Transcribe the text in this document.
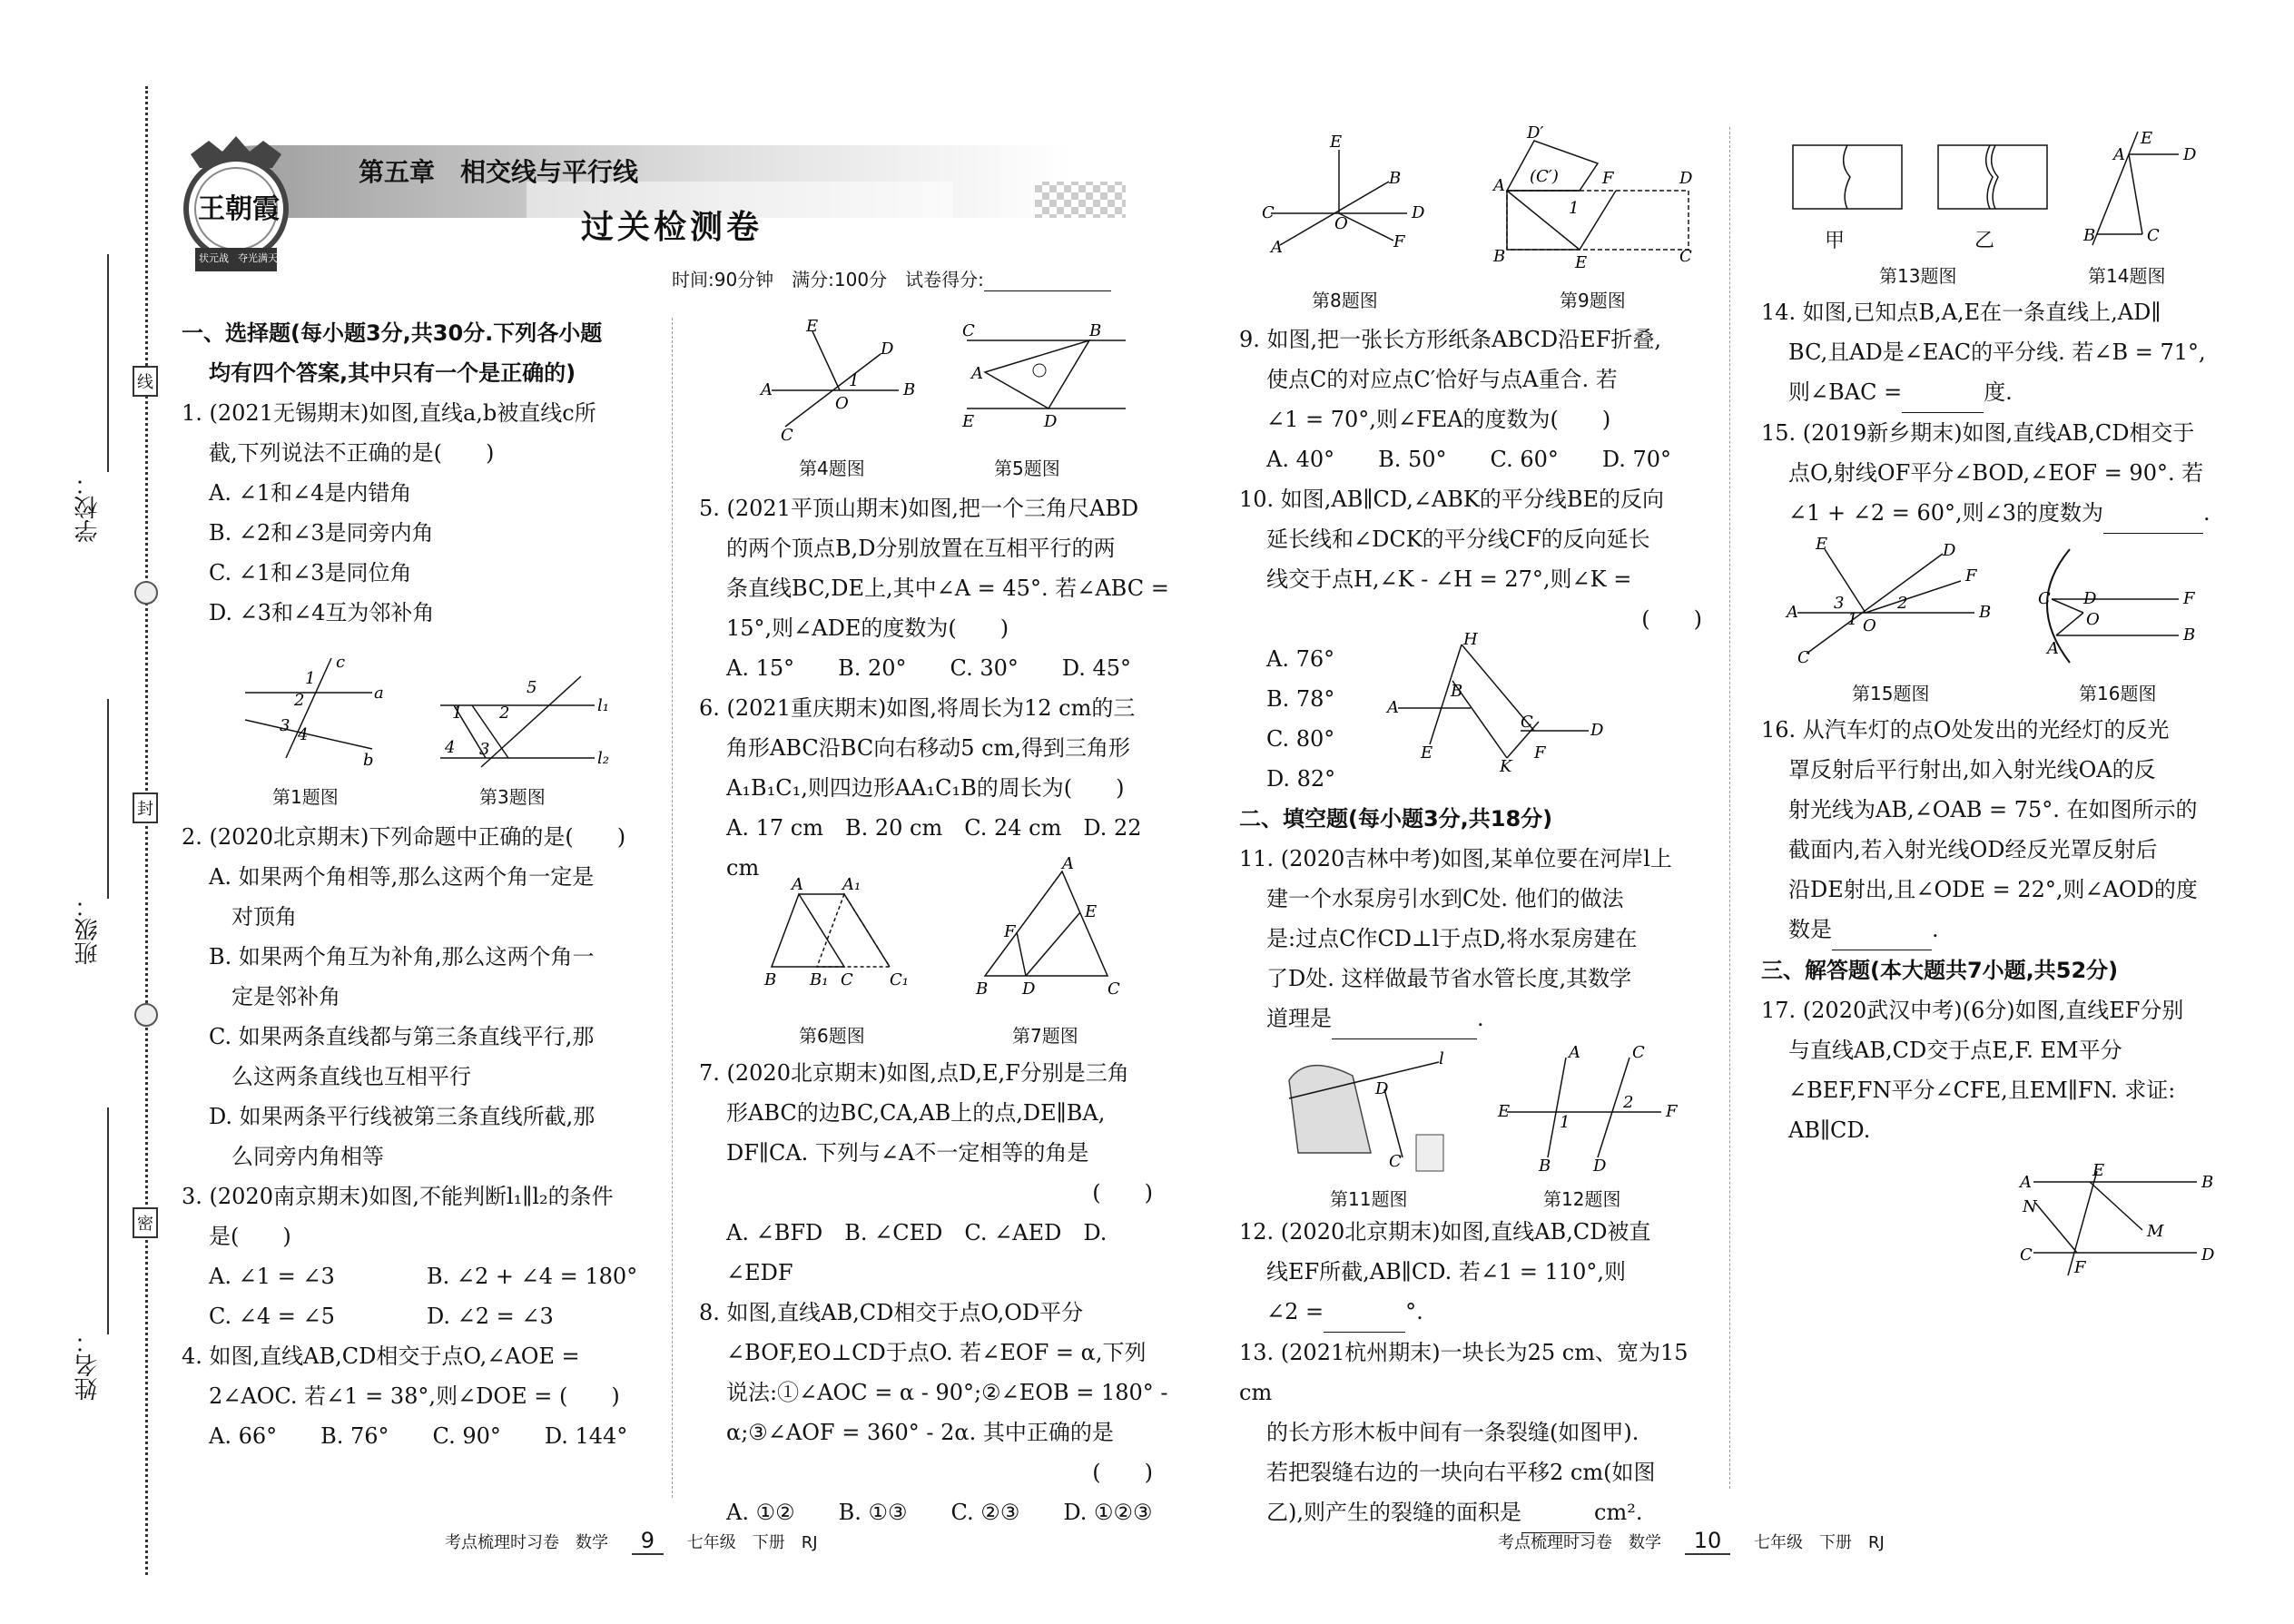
学校：
班级：
姓名：
线
封
密
王朝霞
状元战 夺光满天
第五章　相交线与平行线
过关检测卷
时间:90分钟　满分:100分　试卷得分:
一、选择题(每小题3分,共30分.下列各小题
均有四个答案,其中只有一个是正确的)
1. (2021无锡期末)如图,直线a,b被直线c所
截,下列说法不正确的是(　　)
A. ∠1和∠4是内错角
B. ∠2和∠3是同旁内角
C. ∠1和∠3是同位角
D. ∠3和∠4互为邻补角
c
a
b
1
2
3 4
l₁
l₂
1 2
5
4 3
第1题图	第3题图
2. (2020北京期末)下列命题中正确的是(　　)
A. 如果两个角相等,那么这两个角一定是
对顶角
B. 如果两个角互为补角,那么这两个角一
定是邻补角
C. 如果两条直线都与第三条直线平行,那
么这两条直线也互相平行
D. 如果两条平行线被第三条直线所截,那
么同旁内角相等
3. (2020南京期末)如图,不能判断l₁∥l₂的条件
是(　　)
A. ∠1 = ∠3	B. ∠2 + ∠4 = 180°
C. ∠4 = ∠5	D. ∠2 = ∠3
4. 如图,直线AB,CD相交于点O,∠AOE =
2∠AOC. 若∠1 = 38°,则∠DOE = (　　)
A. 66°　　B. 76°　　C. 90°　　D. 144°
E
D
A	B
C
O
1
C	B
A
E	D
第4题图	第5题图
5. (2021平顶山期末)如图,把一个三角尺ABD
的两个顶点B,D分别放置在互相平行的两
条直线BC,DE上,其中∠A = 45°. 若∠ABC =
15°,则∠ADE的度数为(　　)
A. 15°　　B. 20°　　C. 30°　　D. 45°
6. (2021重庆期末)如图,将周长为12 cm的三
角形ABC沿BC向右移动5 cm,得到三角形
A₁B₁C₁,则四边形AA₁C₁B的周长为(　　)
A. 17 cm　B. 20 cm　C. 24 cm　D. 22 cm
A A₁
B B₁ C C₁
A
E
F
B D	C
第6题图	第7题图
7. (2020北京期末)如图,点D,E,F分别是三角
形ABC的边BC,CA,AB上的点,DE∥BA,
DF∥CA. 下列与∠A不一定相等的角是
(　　)
A. ∠BFD　B. ∠CED　C. ∠AED　D. ∠EDF
8. 如图,直线AB,CD相交于点O,OD平分
∠BOF,EO⊥CD于点O. 若∠EOF = α,下列
说法:①∠AOC = α - 90°;②∠EOB = 180° -
α;③∠AOF = 360° - 2α. 其中正确的是
(　　)
A. ①②　　B. ①③　　C. ②③　　D. ①②③
E
B
D
C
F
A
O
D′
A (C′)	F	D
B	E	C
1
第8题图	第9题图
9. 如图,把一张长方形纸条ABCD沿EF折叠,
使点C的对应点C′恰好与点A重合. 若
∠1 = 70°,则∠FEA的度数为(　　)
A. 40°　　B. 50°　　C. 60°　　D. 70°
10. 如图,AB∥CD,∠ABK的平分线BE的反向
延长线和∠DCK的平分线CF的反向延长
线交于点H,∠K - ∠H = 27°,则∠K =
(　　)
A. 76°
B. 78°
C. 80°
D. 82°
二、填空题(每小题3分,共18分)
11. (2020吉林中考)如图,某单位要在河岸l上
建一个水泵房引水到C处. 他们的做法
是:过点C作CD⊥l于点D,将水泵房建在
了D处. 这样做最节省水管长度,其数学
道理是	.
H
A
B
E
C	D
K
F
l
D
C
E	F
A	C
B	D
1
2
第11题图	第12题图
12. (2020北京期末)如图,直线AB,CD被直
线EF所截,AB∥CD. 若∠1 = 110°,则
∠2 =	°.
13. (2021杭州期末)一块长为25 cm、宽为15 cm
的长方形木板中间有一条裂缝(如图甲).
若把裂缝右边的一块向右平移2 cm(如图
乙),则产生的裂缝的面积是	cm².
E
A	D
B	C
甲	乙
第13题图	第14题图
14. 如图,已知点B,A,E在一条直线上,AD∥
BC,且AD是∠EAC的平分线. 若∠B = 71°,
则∠BAC =	度.
15. (2019新乡期末)如图,直线AB,CD相交于
点O,射线OF平分∠BOD,∠EOF = 90°. 若
∠1 + ∠2 = 60°,则∠3的度数为	.
E	D
F
A	B
C
O
3
1
2	C D
O
A
F
B
第15题图	第16题图
16. 从汽车灯的点O处发出的光经灯的反光
罩反射后平行射出,如入射光线OA的反
射光线为AB,∠OAB = 75°. 在如图所示的
截面内,若入射光线OD经反光罩反射后
沿DE射出,且∠ODE = 22°,则∠AOD的度
数是	.
三、解答题(本大题共7小题,共52分)
17. (2020武汉中考)(6分)如图,直线EF分别
与直线AB,CD交于点E,F. EM平分
∠BEF,FN平分∠CFE,且EM∥FN. 求证:
AB∥CD.
A
E
B
N
M
C
F
D
考点梳理时习卷　数学 9 七年级　下册　RJ	考点梳理时习卷　数学 10 七年级　下册　RJ
